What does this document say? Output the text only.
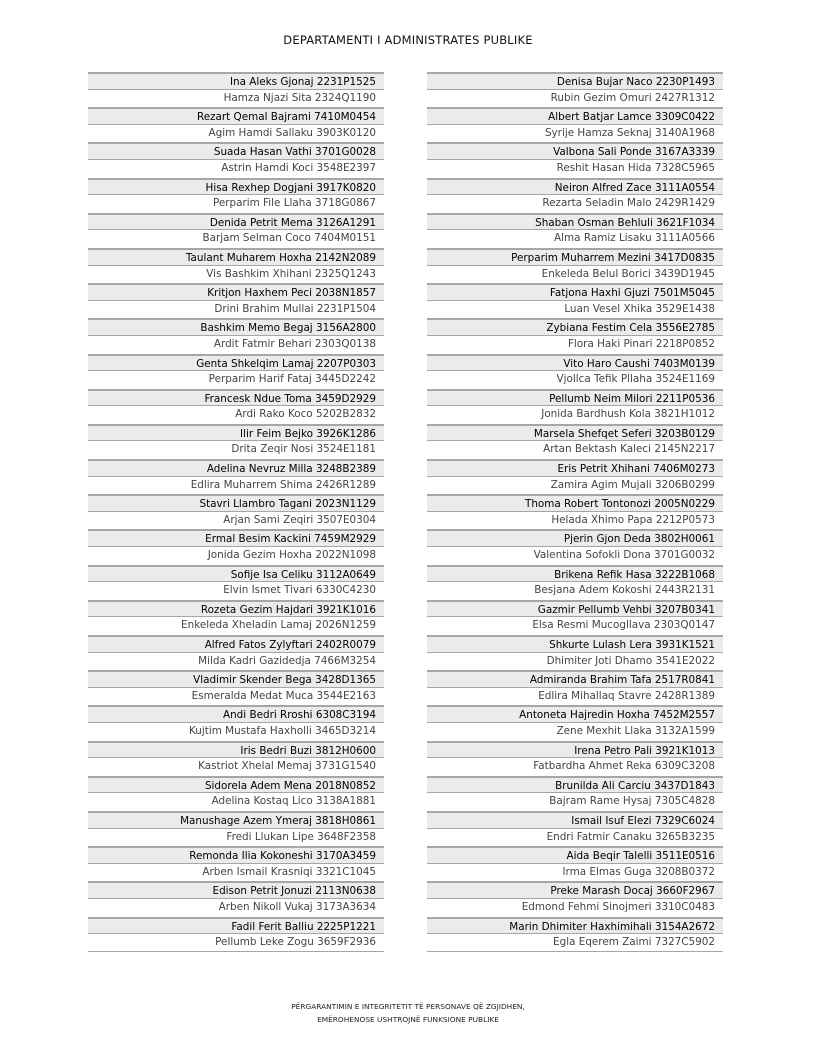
DEPARTAMENTI I ADMINISTRATES PUBLIKE
Ina Aleks Gjonaj 2231P1525
Hamza Njazi Sita 2324Q1190
Rezart Qemal Bajrami 7410M0454
Agim Hamdi Sallaku 3903K0120
Suada Hasan Vathi 3701G0028
Astrin Hamdi Koci 3548E2397
Hisa Rexhep Dogjani 3917K0820
Perparim File Llaha 3718G0867
Denida Petrit Mema 3126A1291
Barjam Selman Coco 7404M0151
Taulant Muharem Hoxha 2142N2089
Vis Bashkim Xhihani 2325Q1243
Kritjon Haxhem Peci 2038N1857
Drini Brahim Mullai 2231P1504
Bashkim Memo Begaj 3156A2800
Ardit Fatmir Behari 2303Q0138
Genta Shkelqim Lamaj 2207P0303
Perparim Harif Fataj 3445D2242
Francesk Ndue Toma 3459D2929
Ardi Rako Koco 5202B2832
Ilir Feim Bejko 3926K1286
Drita Zeqir Nosi 3524E1181
Adelina Nevruz Milla 3248B2389
Edlira Muharrem Shima 2426R1289
Stavri Llambro Tagani 2023N1129
Arjan Sami Zeqiri 3507E0304
Ermal Besim Kackini 7459M2929
Jonida Gezim Hoxha 2022N1098
Sofije Isa Celiku 3112A0649
Elvin Ismet Tivari 6330C4230
Rozeta Gezim Hajdari 3921K1016
Enkeleda Xheladin Lamaj 2026N1259
Alfred Fatos Zylyftari 2402R0079
Milda Kadri Gazidedja 7466M3254
Vladimir Skender Bega 3428D1365
Esmeralda Medat Muca 3544E2163
Andi Bedri Rroshi 6308C3194
Kujtim Mustafa Haxholli 3465D3214
Iris Bedri Buzi 3812H0600
Kastriot Xhelal Memaj 3731G1540
Sidorela Adem Mena 2018N0852
Adelina Kostaq Lico 3138A1881
Manushage Azem Ymeraj 3818H0861
Fredi Llukan Lipe 3648F2358
Remonda Ilia Kokoneshi 3170A3459
Arben Ismail Krasniqi 3321C1045
Edison Petrit Jonuzi 2113N0638
Arben Nikoll Vukaj 3173A3634
Fadil Ferit Balliu 2225P1221
Pellumb Leke Zogu 3659F2936
Denisa Bujar Naco 2230P1493
Rubin Gezim Omuri 2427R1312
Albert Batjar Lamce 3309C0422
Syrije Hamza Seknaj 3140A1968
Valbona Sali Ponde 3167A3339
Reshit Hasan Hida 7328C5965
Neiron Alfred Zace 3111A0554
Rezarta Seladin Malo 2429R1429
Shaban Osman Behluli 3621F1034
Alma Ramiz Lisaku 3111A0566
Perparim Muharrem Mezini 3417D0835
Enkeleda Belul Borici 3439D1945
Fatjona Haxhi Gjuzi 7501M5045
Luan Vesel Xhika 3529E1438
Zybiana Festim Cela 3556E2785
Flora Haki Pinari 2218P0852
Vito Haro Caushi 7403M0139
Vjollca Tefik Pllaha 3524E1169
Pellumb Neim Milori 2211P0536
Jonida Bardhush Kola 3821H1012
Marsela Shefqet Seferi 3203B0129
Artan Bektash Kaleci 2145N2217
Eris Petrit Xhihani 7406M0273
Zamira Agim Mujali 3206B0299
Thoma Robert Tontonozi 2005N0229
Helada Xhimo Papa 2212P0573
Pjerin Gjon Deda 3802H0061
Valentina Sofokli Dona 3701G0032
Brikena Refik Hasa 3222B1068
Besjana Adem Kokoshi 2443R2131
Gazmir Pellumb Vehbi 3207B0341
Elsa Resmi Mucogllava 2303Q0147
Shkurte Lulash Lera 3931K1521
Dhimiter Joti Dhamo 3541E2022
Admiranda Brahim Tafa 2517R0841
Edlira Mihallaq Stavre 2428R1389
Antoneta Hajredin Hoxha 7452M2557
Zene Mexhit Llaka 3132A1599
Irena Petro Pali 3921K1013
Fatbardha Ahmet Reka 6309C3208
Brunilda Ali Carciu 3437D1843
Bajram Rame Hysaj 7305C4828
Ismail Isuf Elezi 7329C6024
Endri Fatmir Canaku 3265B3235
Aida Beqir Talelli 3511E0516
Irma Elmas Guga 3208B0372
Preke Marash Docaj 3660F2967
Edmond Fehmi Sinojmeri 3310C0483
Marin Dhimiter Haxhimihali 3154A2672
Egla Eqerem Zaimi 7327C5902
PËRGARANTIMIN E INTEGRITETIT TË PERSONAVE QË ZGJIDHEN,
EMËROHENOSE USHTROJNË FUNKSIONE PUBLIKE
